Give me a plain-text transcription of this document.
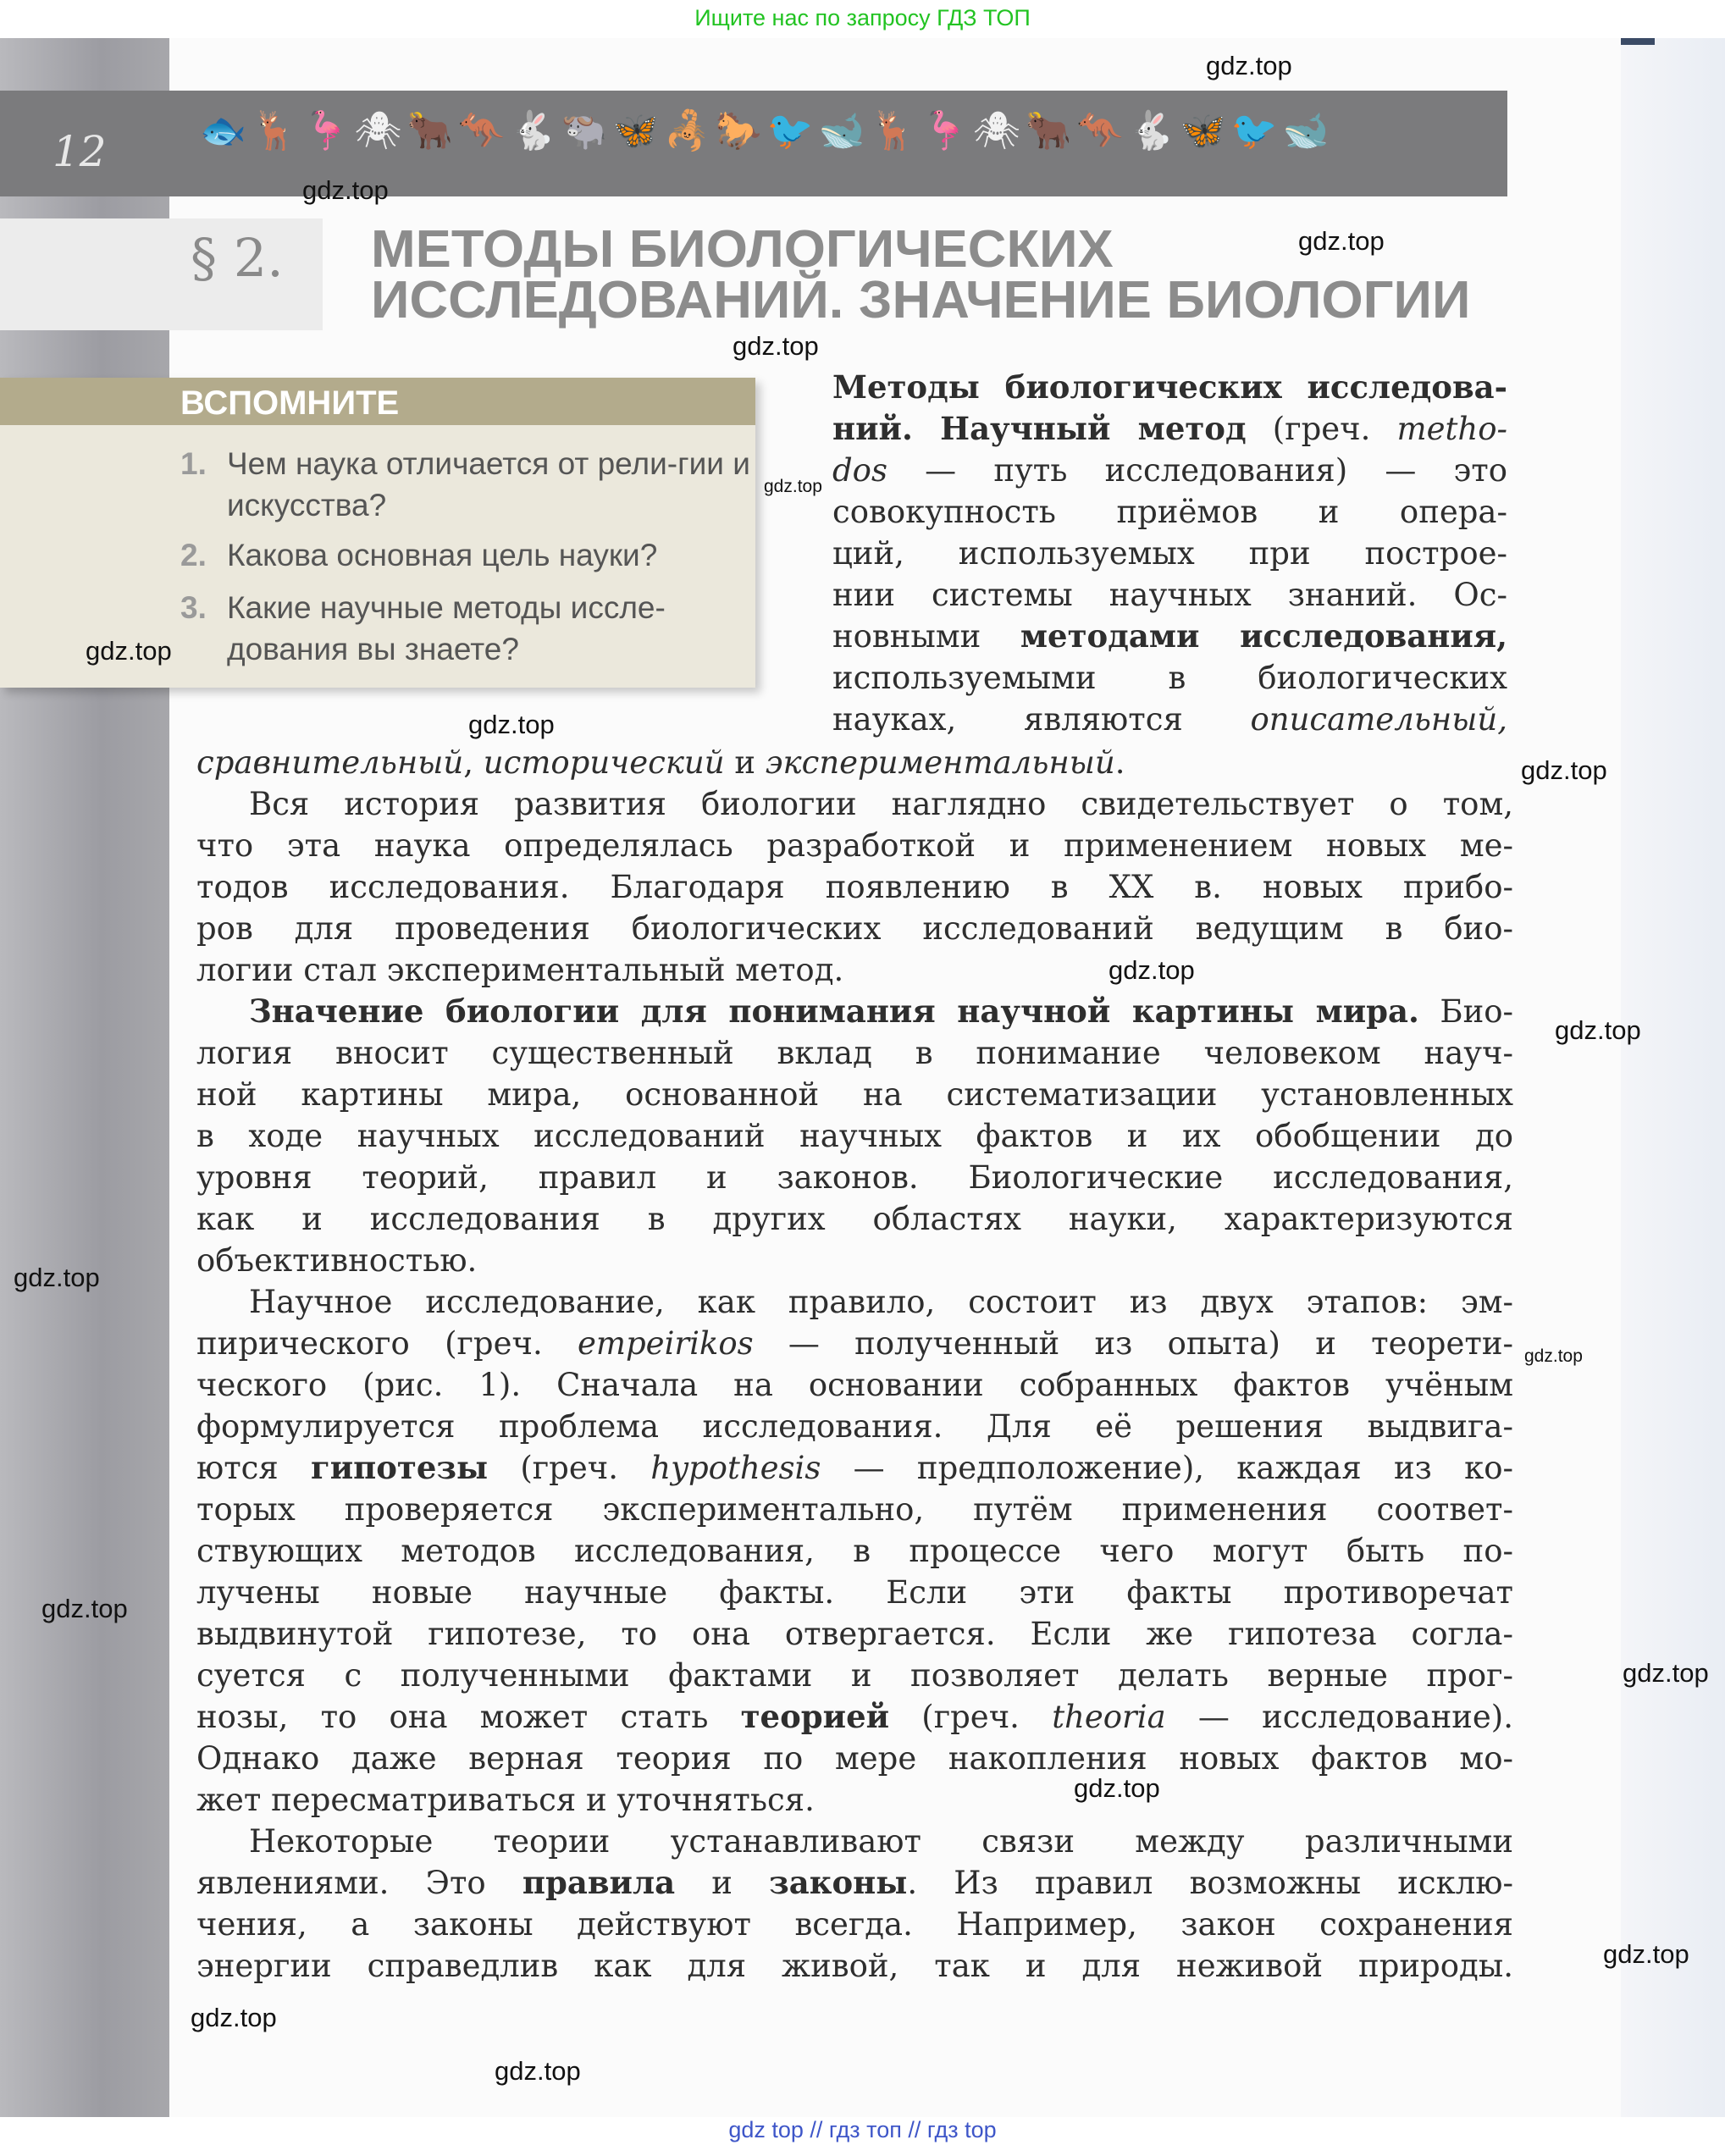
Ищите нас по запросу ГДЗ ТОП
12	🐟🦌🦩🕷🐂🦘🐇🐃🦋🦂🐎🐦🐋🦌🦩🕷🐂🦘🐇🦋🐦🐋
§ 2. МЕТОДЫ БИОЛОГИЧЕСКИХ
ИССЛЕДОВАНИЙ. ЗНАЧЕНИЕ БИОЛОГИИ
ВСПОМНИТЕ
1. Чем наука отличается от рели-гии и искусства?
2. Какова основная цель науки?
3. Какие научные методы иссле-дования вы знаете?
Методы биологических исследова-
ний. Научный метод (греч. metho-
dos — путь исследования) — это
совокупность приёмов и опера-
ций, используемых при построе-
нии системы научных знаний. Ос-
новными методами исследования,
используемыми в биологических
науках, являются описательный,
сравнительный, исторический и экспериментальный.
Вся история развития биологии наглядно свидетельствует о том,
что эта наука определялась разработкой и применением новых ме-
тодов исследования. Благодаря появлению в XX в. новых прибо-
ров для проведения биологических исследований ведущим в био-
логии стал экспериментальный метод.
Значение биологии для понимания научной картины мира. Био-
логия вносит существенный вклад в понимание человеком науч-
ной картины мира, основанной на систематизации установленных
в ходе научных исследований научных фактов и их обобщении до
уровня теорий, правил и законов. Биологические исследования,
как и исследования в других областях науки, характеризуются
объективностью.
Научное исследование, как правило, состоит из двух этапов: эм-
пирического (греч. empeirikos — полученный из опыта) и теорети-
ческого (рис. 1). Сначала на основании собранных фактов учёным
формулируется проблема исследования. Для её решения выдвига-
ются гипотезы (греч. hypothesis — предположение), каждая из ко-
торых проверяется экспериментально, путём применения соответ-
ствующих методов исследования, в процессе чего могут быть по-
лучены новые научные факты. Если эти факты противоречат
выдвинутой гипотезе, то она отвергается. Если же гипотеза согла-
суется с полученными фактами и позволяет делать верные прог-
нозы, то она может стать теорией (греч. theoria — исследование).
Однако даже верная теория по мере накопления новых фактов мо-
жет пересматриваться и уточняться.
Некоторые теории устанавливают связи между различными
явлениями. Это правила и законы. Из правил возможны исклю-
чения, а законы действуют всегда. Например, закон сохранения
энергии справедлив как для живой, так и для неживой природы.
gdz.top
gdz.top
gdz.top
gdz.top
gdz.top
gdz.top
gdz.top
gdz.top
gdz.top
gdz.top
gdz.top
gdz.top
gdz.top
gdz.top
gdz.top
gdz.top
gdz.top
gdz.top
gdz top // гдз топ // гдз top
